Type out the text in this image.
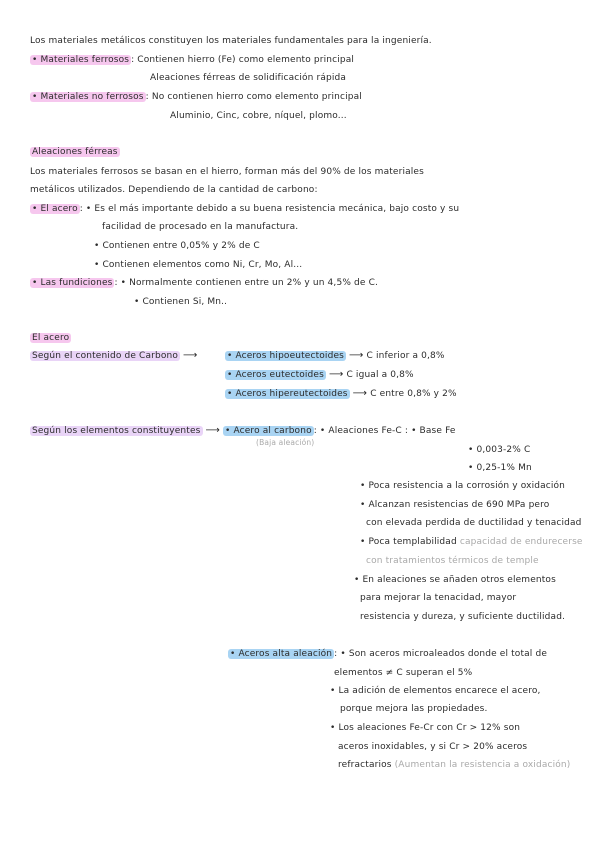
Los materiales metálicos constituyen los materiales fundamentales para la ingeniería.
• Materiales ferrosos : Contienen hierro (Fe) como elemento principal
Aleaciones férreas de solidificación rápida
• Materiales no ferrosos : No contienen hierro como elemento principal
Aluminio, Cinc, cobre, níquel, plomo...
Aleaciones férreas
Los materiales ferrosos se basan en el hierro, forman más del 90% de los materiales
metálicos utilizados. Dependiendo de la cantidad de carbono:
• El acero : • Es el más importante debido a su buena resistencia mecánica, bajo costo y su
facilidad de procesado en la manufactura.
• Contienen entre 0,05% y 2% de C
• Contienen elementos como Ni, Cr, Mo, Al...
• Las fundiciones : • Normalmente contienen entre un 2% y un 4,5% de C.
• Contienen Si, Mn..
El acero
Según el contenido de Carbono ⟶	• Aceros hipoeutectoides ⟶ C inferior a 0,8%
• Aceros eutectoides ⟶ C igual a 0,8%
• Aceros hipereutectoides ⟶ C entre 0,8% y 2%
Según los elementos constituyentes ⟶ • Acero al carbono : • Aleaciones Fe-C : • Base Fe
(Baja aleación)
• 0,003-2% C
• 0,25-1% Mn
• Poca resistencia a la corrosión y oxidación
• Alcanzan resistencias de 690 MPa pero
con elevada perdida de ductilidad y tenacidad
• Poca templabilidad capacidad de endurecerse
con tratamientos térmicos de temple
• En aleaciones se añaden otros elementos
para mejorar la tenacidad, mayor
resistencia y dureza, y suficiente ductilidad.
• Aceros alta aleación : • Son aceros microaleados donde el total de
elementos ≠ C superan el 5%
• La adición de elementos encarece el acero,
porque mejora las propiedades.
• Los aleaciones Fe-Cr con Cr > 12% son
aceros inoxidables, y si Cr > 20% aceros
refractarios (Aumentan la resistencia a oxidación)
